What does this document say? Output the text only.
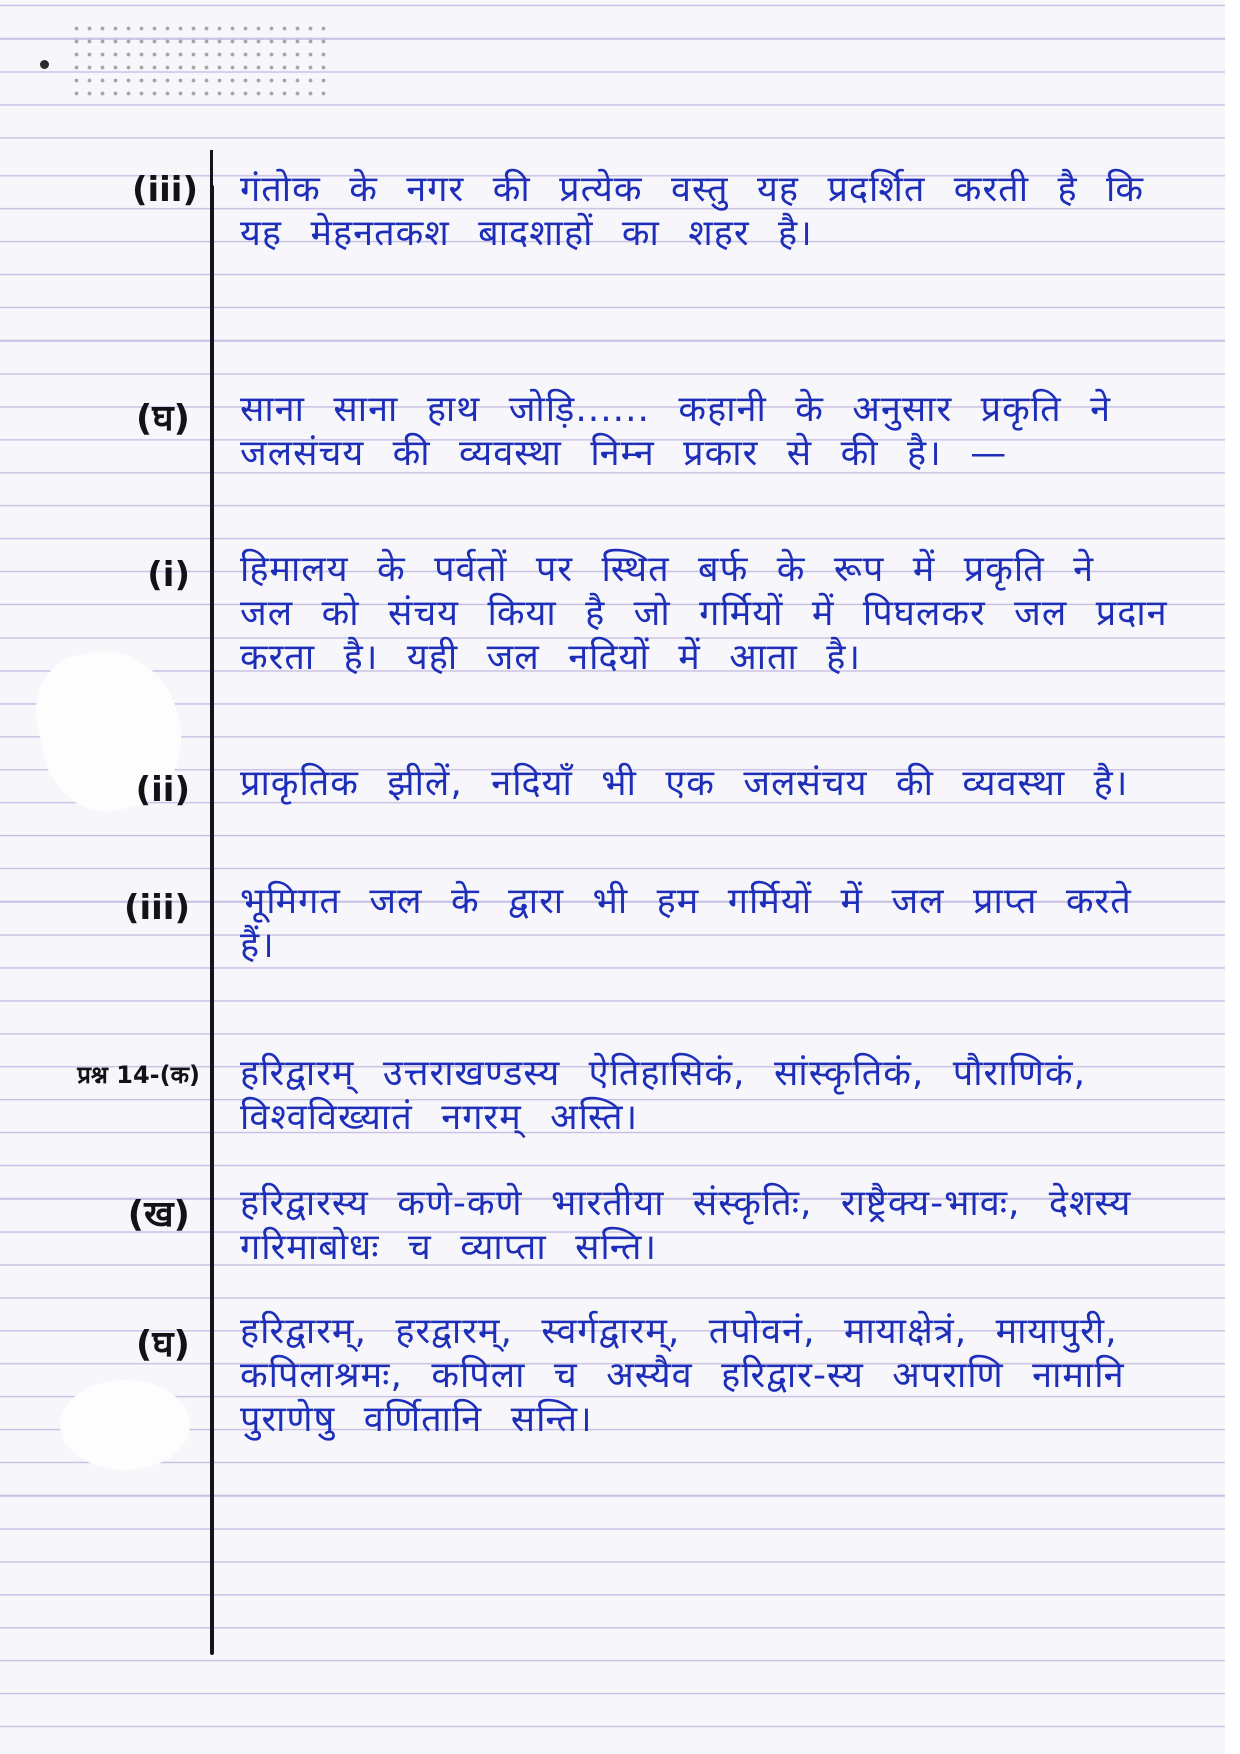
(iii) गंतोक के नगर की प्रत्येक वस्तु यह प्रदर्शित करती है कि यह मेहनतकश बादशाहों का शहर है।
(घ) साना साना हाथ जोड़ि...... कहानी के अनुसार प्रकृति ने जलसंचय की व्यवस्था निम्न प्रकार से की है। —
(i) हिमालय के पर्वतों पर स्थित बर्फ के रूप में प्रकृति ने जल को संचय किया है जो गर्मियों में पिघलकर जल प्रदान करता है। यही जल नदियों में आता है।
(ii) प्राकृतिक झीलें, नदियाँ भी एक जलसंचय की व्यवस्था है।
(iii) भूमिगत जल के द्वारा भी हम गर्मियों में जल प्राप्त करते हैं।
प्रश्न 14-(क) हरिद्वारम् उत्तराखण्डस्य ऐतिहासिकं, सांस्कृतिकं, पौराणिकं, विश्वविख्यातं नगरम् अस्ति।
(ख) हरिद्वारस्य कणे-कणे भारतीया संस्कृतिः, राष्ट्रैक्य-भावः, देशस्य गरिमाबोधः च व्याप्ता सन्ति।
(घ) हरिद्वारम्, हरद्वारम्, स्वर्गद्वारम्, तपोवनं, मायाक्षेत्रं, मायापुरी, कपिलाश्रमः, कपिला च अस्यैव हरिद्वार-स्य अपराणि नामानि पुराणेषु वर्णितानि सन्ति।
